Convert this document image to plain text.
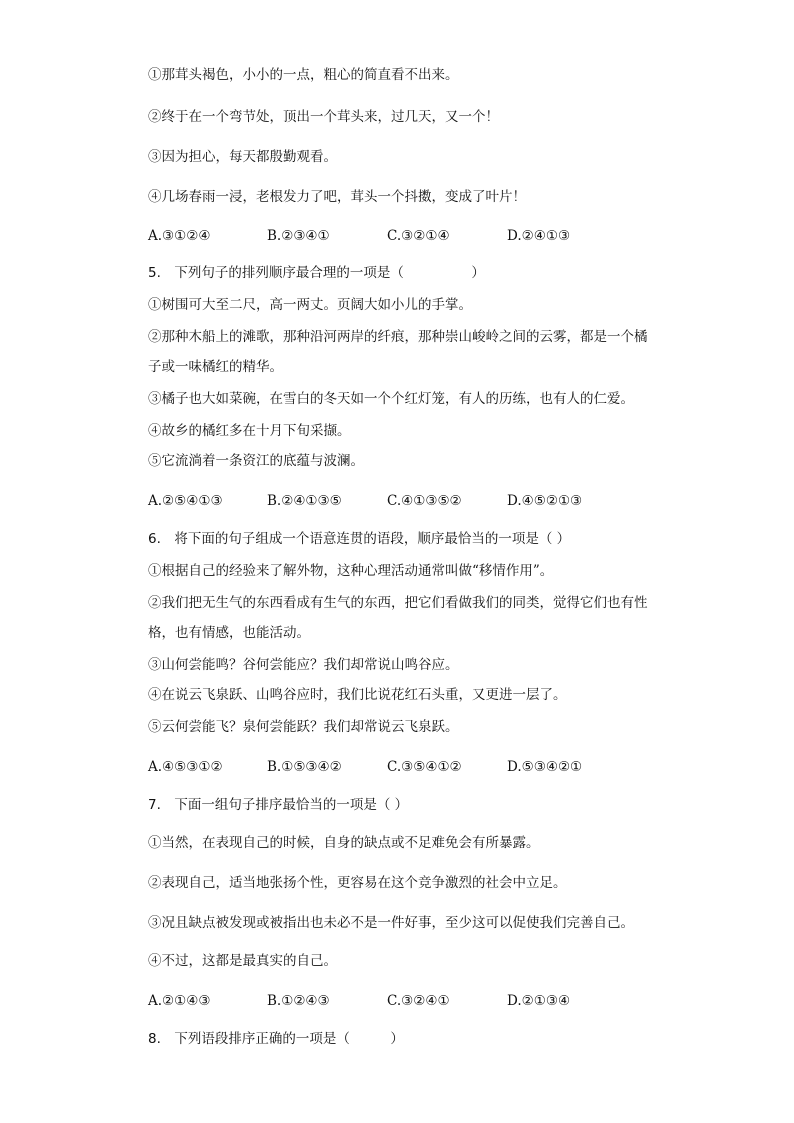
①那茸头褐色，小小的一点，粗心的简直看不出来。
②终于在一个弯节处，顶出一个茸头来，过几天，又一个！
③因为担心，每天都殷勤观看。
④几场春雨一浸，老根发力了吧，茸头一个抖擞，变成了叶片！
A.③①②④	B.②③④①	C.③②①④	D.②④①③
5.　下列句子的排列顺序最合理的一项是（　　　　　）
①树围可大至二尺，高一两丈。页阔大如小儿的手掌。
②那种木船上的滩歌，那种沿河两岸的纤痕，那种崇山峻岭之间的云雾，都是一个橘
子或一味橘红的精华。
③橘子也大如菜碗，在雪白的冬天如一个个红灯笼，有人的历练，也有人的仁爱。
④故乡的橘红多在十月下旬采撷。
⑤它流淌着一条资江的底蕴与波澜。
A.②⑤④①③	B.②④①③⑤	C.④①③⑤②	D.④⑤②①③
6.　将下面的句子组成一个语意连贯的语段，顺序最恰当的一项是（ ）
①根据自己的经验来了解外物，这种心理活动通常叫做“移情作用”。
②我们把无生气的东西看成有生气的东西，把它们看做我们的同类，觉得它们也有性
格，也有情感，也能活动。
③山何尝能鸣？谷何尝能应？我们却常说山鸣谷应。
④在说云飞泉跃、山鸣谷应时，我们比说花红石头重，又更进一层了。
⑤云何尝能飞？泉何尝能跃？我们却常说云飞泉跃。
A.④⑤③①②	B.①⑤③④②	C.③⑤④①②	D.⑤③④②①
7.　下面一组句子排序最恰当的一项是（ ）
①当然，在表现自己的时候，自身的缺点或不足难免会有所暴露。
②表现自己，适当地张扬个性，更容易在这个竞争激烈的社会中立足。
③况且缺点被发现或被指出也未必不是一件好事，至少这可以促使我们完善自己。
④不过，这都是最真实的自己。
A.②①④③	B.①②④③	C.③②④①	D.②①③④
8.　下列语段排序正确的一项是（　　　）
